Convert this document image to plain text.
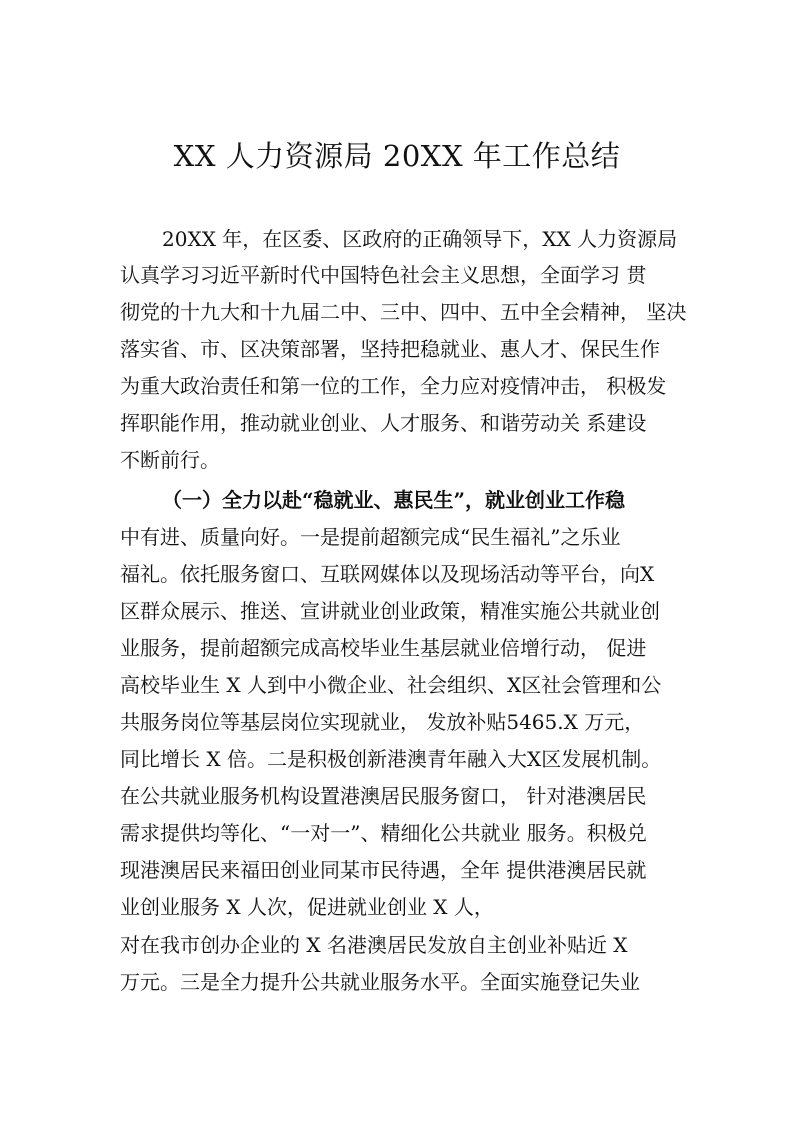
XX 人力资源局 20XX 年工作总结
20XX 年，在区委、区政府的正确领导下，XX 人力资源局
认真学习习近平新时代中国特色社会主义思想，全面学习 贯
彻党的十九大和十九届二中、三中、四中、五中全会精神， 坚决
落实省、市、区决策部署，坚持把稳就业、惠人才、保民生作
为重大政治责任和第一位的工作，全力应对疫情冲击， 积极发
挥职能作用，推动就业创业、人才服务、和谐劳动关 系建设
不断前行。
（一）全力以赴“稳就业、惠民生”，就业创业工作稳
中有进、质量向好。一是提前超额完成“民生福礼”之乐业
福礼。依托服务窗口、互联网媒体以及现场活动等平台，向X
区群众展示、推送、宣讲就业创业政策，精准实施公共就业创
业服务，提前超额完成高校毕业生基层就业倍增行动， 促进
高校毕业生 X 人到中小微企业、社会组织、X区社会管理和公
共服务岗位等基层岗位实现就业， 发放补贴5465.X 万元，
同比增长 X 倍。二是积极创新港澳青年融入大X区发展机制。
在公共就业服务机构设置港澳居民服务窗口， 针对港澳居民
需求提供均等化、“一对一”、精细化公共就业 服务。积极兑
现港澳居民来福田创业同某市民待遇，全年 提供港澳居民就
业创业服务 X 人次，促进就业创业 X 人，
对在我市创办企业的 X 名港澳居民发放自主创业补贴近 X
万元。三是全力提升公共就业服务水平。全面实施登记失业
